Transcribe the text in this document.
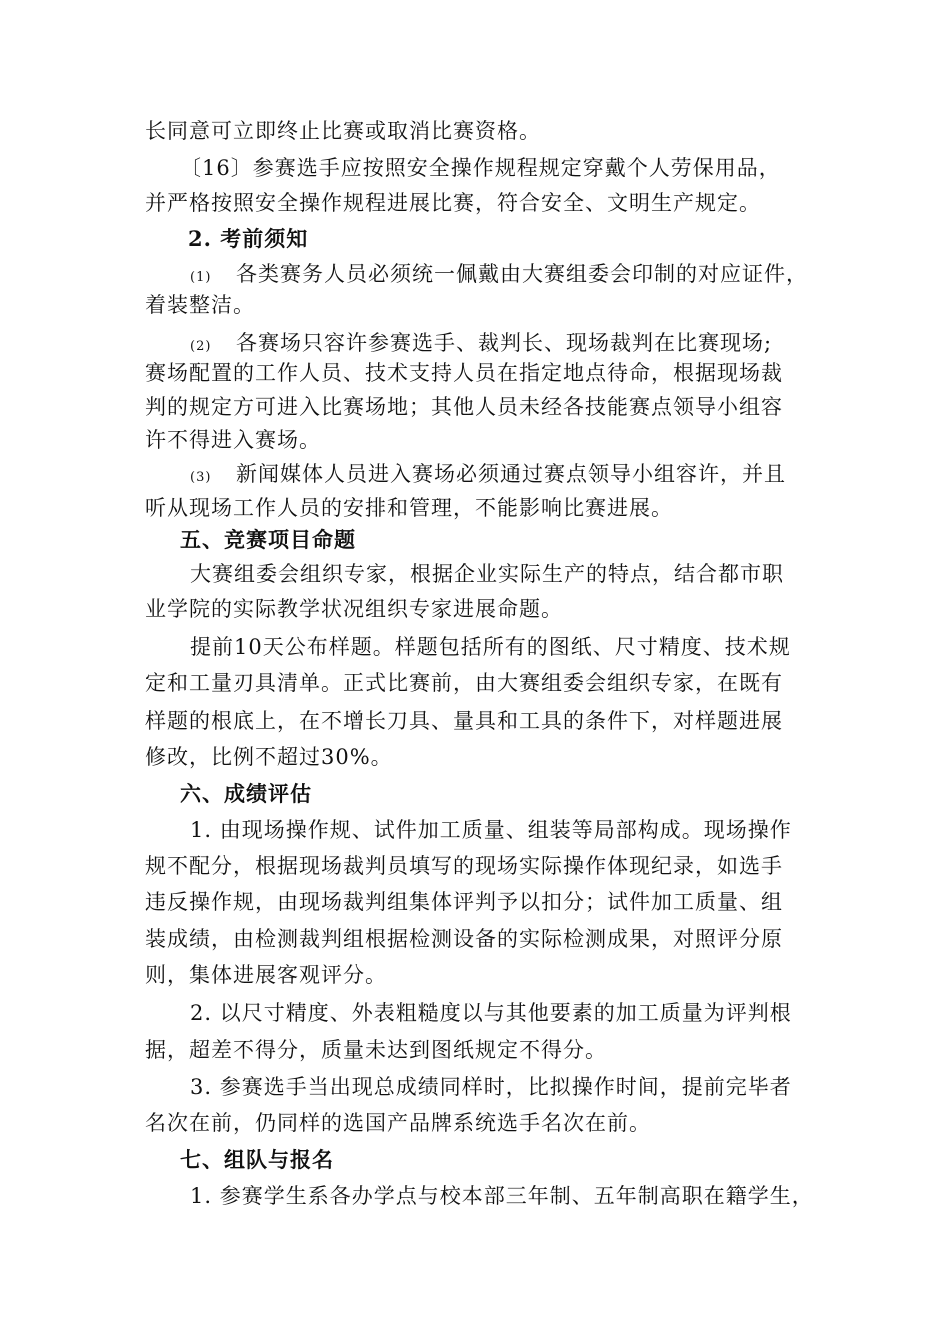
长同意可立即终止比赛或取消比赛资格。
〔16〕参赛选手应按照安全操作规程规定穿戴个人劳保用品，
并严格按照安全操作规程进展比赛，符合安全、文明生产规定。
2. 考前须知
(1) 各类赛务人员必须统一佩戴由大赛组委会印制的对应证件，
着装整洁。
(2) 各赛场只容许参赛选手、裁判长、现场裁判在比赛现场;
赛场配置的工作人员、技术支持人员在指定地点待命，根据现场裁
判的规定方可进入比赛场地；其他人员未经各技能赛点领导小组容
许不得进入赛场。
(3) 新闻媒体人员进入赛场必须通过赛点领导小组容许，并且
听从现场工作人员的安排和管理，不能影响比赛进展。
五、竞赛项目命题
大赛组委会组织专家，根据企业实际生产的特点，结合都市职
业学院的实际教学状况组织专家进展命题。
提前10天公布样题。样题包括所有的图纸、尺寸精度、技术规
定和工量刃具清单。正式比赛前，由大赛组委会组织专家，在既有
样题的根底上，在不增长刀具、量具和工具的条件下，对样题进展
修改，比例不超过30%。
六、成绩评估
1. 由现场操作规、试件加工质量、组装等局部构成。现场操作
规不配分，根据现场裁判员填写的现场实际操作体现纪录，如选手
违反操作规，由现场裁判组集体评判予以扣分；试件加工质量、组
装成绩，由检测裁判组根据检测设备的实际检测成果，对照评分原
则，集体进展客观评分。
2. 以尺寸精度、外表粗糙度以与其他要素的加工质量为评判根
据，超差不得分，质量未达到图纸规定不得分。
3. 参赛选手当出现总成绩同样时，比拟操作时间，提前完毕者
名次在前，仍同样的选国产品牌系统选手名次在前。
七、组队与报名
1. 参赛学生系各办学点与校本部三年制、五年制高职在籍学生，
